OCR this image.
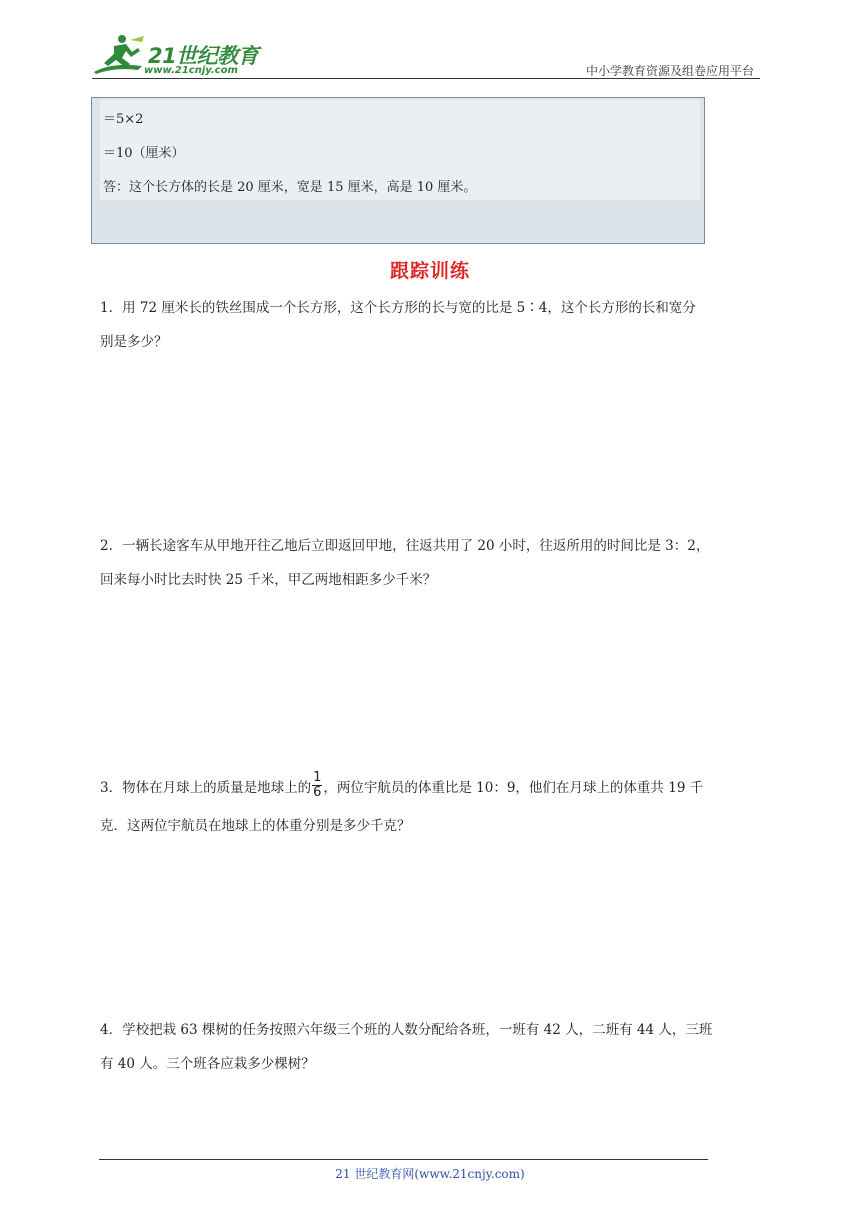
21世纪教育
www.21cnjy.com	中小学教育资源及组卷应用平台
＝5×2
＝10（厘米）
答：这个长方体的长是 20 厘米，宽是 15 厘米，高是 10 厘米。
跟踪训练
1．用 72 厘米长的铁丝围成一个长方形，这个长方形的长与宽的比是 5∶4，这个长方形的长和宽分
别是多少？
2．一辆长途客车从甲地开往乙地后立即返回甲地，往返共用了 20 小时，往返所用的时间比是 3：2，
回来每小时比去时快 25 千米，甲乙两地相距多少千米？
3．物体在月球上的质量是地球上的 $\frac{1}{6}$ ，两位宇航员的体重比是 10：9，他们在月球上的体重共 19 千
克．这两位宇航员在地球上的体重分别是多少千克？
4．学校把栽 63 棵树的任务按照六年级三个班的人数分配给各班，一班有 42 人，二班有 44 人，三班
有 40 人。三个班各应栽多少棵树？
21 世纪教育网(www.21cnjy.com)
